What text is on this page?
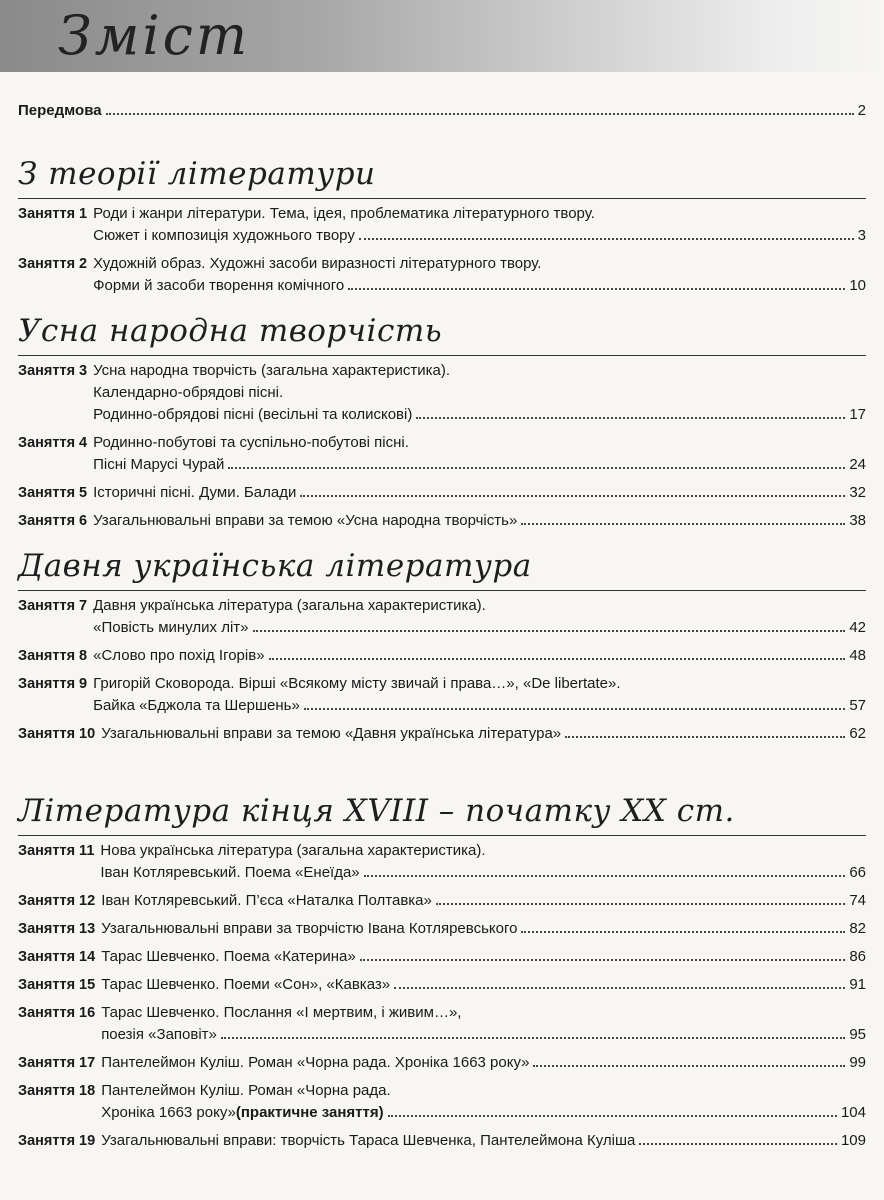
Зміст
Передмова	2
З теорії літератури
Заняття 1 Роди і жанри літератури. Тема, ідея, проблематика літературного твору.
Сюжет і композиція художнього твору	3
Заняття 2 Художній образ. Художні засоби виразності літературного твору.
Форми й засоби творення комічного	10
Усна народна творчість
Заняття 3 Усна народна творчість (загальна характеристика).
Календарно-обрядові пісні.
Родинно-обрядові пісні (весільні та колискові)	17
Заняття 4 Родинно-побутові та суспільно-побутові пісні.
Пісні Марусі Чурай	24
Заняття 5 Історичні пісні. Думи. Балади	32
Заняття 6 Узагальнювальні вправи за темою «Усна народна творчість»	38
Давня українська література
Заняття 7 Давня українська література (загальна характеристика).
«Повість минулих літ»	42
Заняття 8 «Слово про похід Ігорів»	48
Заняття 9 Григорій Сковорода. Вірші «Всякому місту звичай і права…», «De libertate».
Байка «Бджола та Шершень»	57
Заняття 10 Узагальнювальні вправи за темою «Давня українська література»	62
Література кінця XVIII – початку XX ст.
Заняття 11 Нова українська література (загальна характеристика).
Іван Котляревський. Поема «Енеїда»	66
Заняття 12 Іван Котляревський. П’єса «Наталка Полтавка»	74
Заняття 13 Узагальнювальні вправи за творчістю Івана Котляревського	82
Заняття 14 Тарас Шевченко. Поема «Катерина»	86
Заняття 15 Тарас Шевченко. Поеми «Сон», «Кавказ»	91
Заняття 16 Тарас Шевченко. Послання «І мертвим, і живим…»,
поезія «Заповіт»	95
Заняття 17 Пантелеймон Куліш. Роман «Чорна рада. Хроніка 1663 року»	99
Заняття 18 Пантелеймон Куліш. Роман «Чорна рада.
Хроніка 1663 року» (практичне заняття)	104
Заняття 19 Узагальнювальні вправи: творчість Тараса Шевченка, Пантелеймона Куліша	109
